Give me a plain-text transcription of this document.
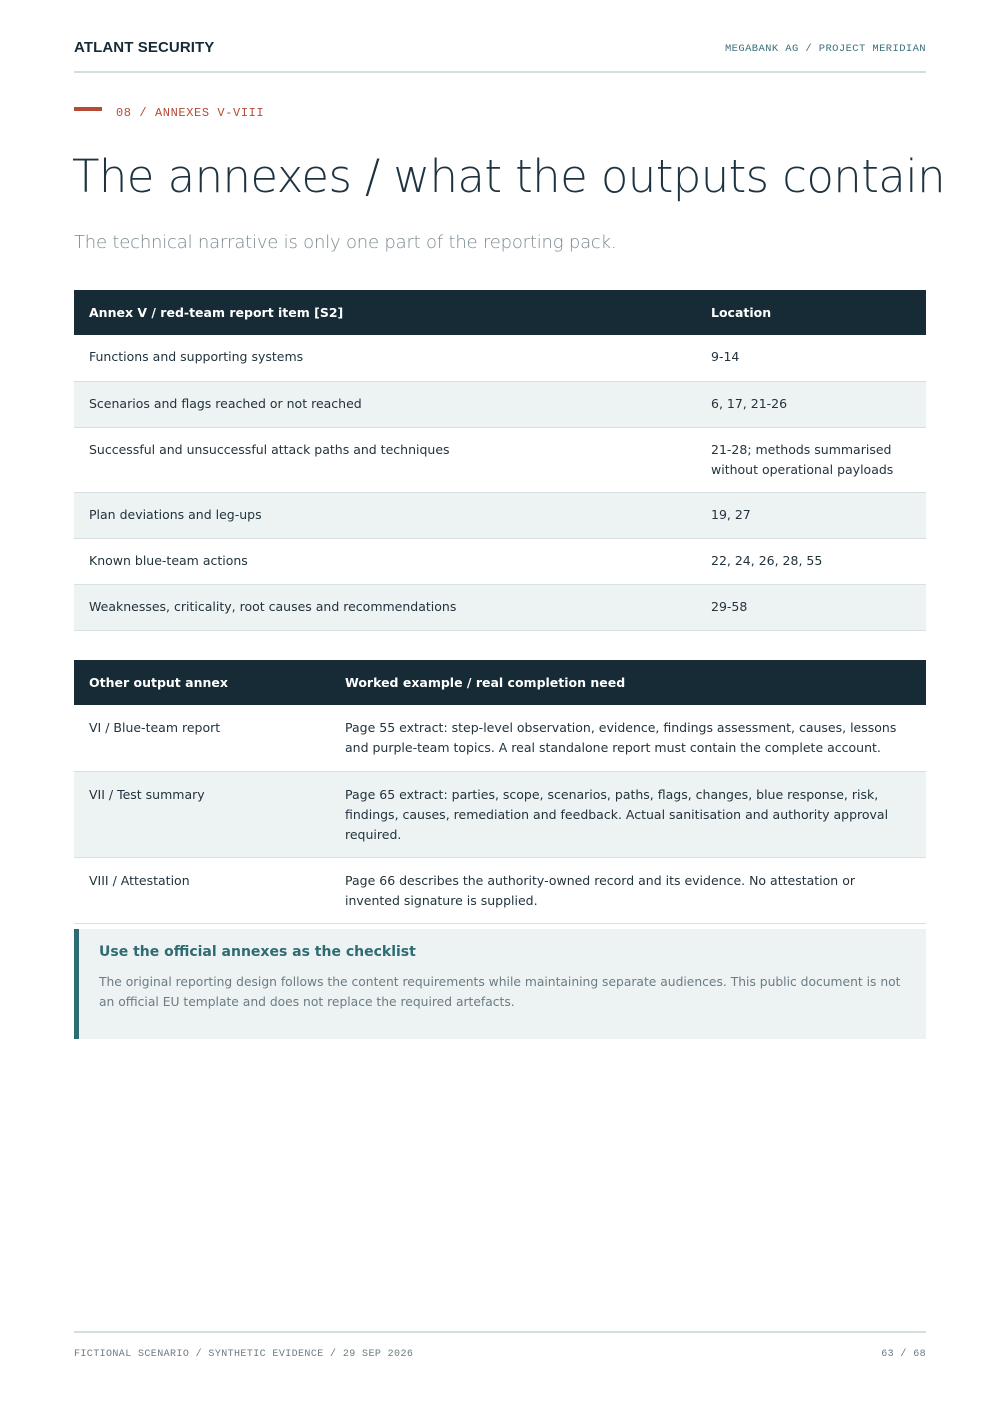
ATLANT SECURITY	MEGABANK AG / PROJECT MERIDIAN
08 / ANNEXES V-VIII
The annexes / what the outputs contain
The technical narrative is only one part of the reporting pack.
Annex V / red-team report item [S2]	Location
Functions and supporting systems	9-14
Scenarios and flags reached or not reached	6, 17, 21-26
Successful and unsuccessful attack paths and techniques	21-28; methods summarised without operational payloads
Plan deviations and leg-ups	19, 27
Known blue-team actions	22, 24, 26, 28, 55
Weaknesses, criticality, root causes and recommendations	29-58
Other output annex	Worked example / real completion need
VI / Blue-team report	Page 55 extract: step-level observation, evidence, findings assessment, causes, lessons and purple-team topics. A real standalone report must contain the complete account.
VII / Test summary	Page 65 extract: parties, scope, scenarios, paths, flags, changes, blue response, risk, findings, causes, remediation and feedback. Actual sanitisation and authority approval required.
VIII / Attestation	Page 66 describes the authority-owned record and its evidence. No attestation or invented signature is supplied.
Use the official annexes as the checklist
The original reporting design follows the content requirements while maintaining separate audiences. This public document is not an official EU template and does not replace the required artefacts.
FICTIONAL SCENARIO / SYNTHETIC EVIDENCE / 29 SEP 2026	63 / 68
